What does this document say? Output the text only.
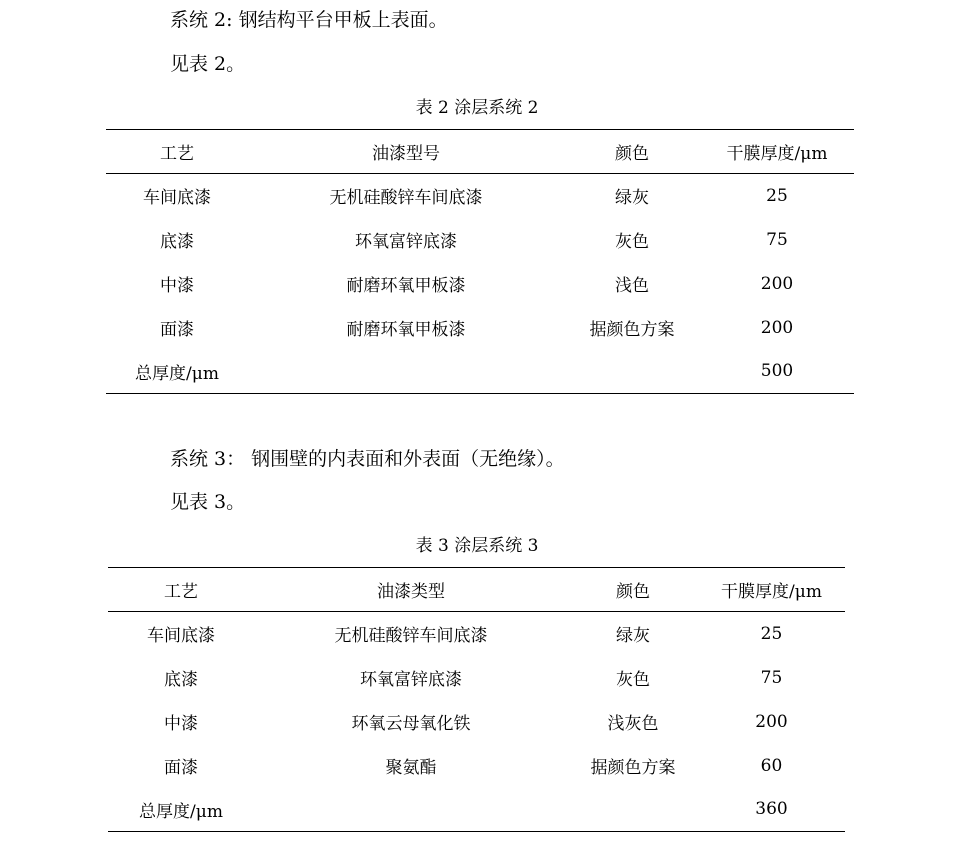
系统 2: 钢结构平台甲板上表面。

见表 2。

表 2 涂层系统 2

工艺	油漆型号	颜色	干膜厚度/μm
车间底漆	无机硅酸锌车间底漆	绿灰	25
底漆	环氧富锌底漆	灰色	75
中漆	耐磨环氧甲板漆	浅色	200
面漆	耐磨环氧甲板漆	据颜色方案	200
总厚度/μm			500

系统 3： 钢围壁的内表面和外表面（无绝缘）。

见表 3。

表 3 涂层系统 3

工艺	油漆类型	颜色	干膜厚度/μm
车间底漆	无机硅酸锌车间底漆	绿灰	25
底漆	环氧富锌底漆	灰色	75
中漆	环氧云母氧化铁	浅灰色	200
面漆	聚氨酯	据颜色方案	60
总厚度/μm			360
